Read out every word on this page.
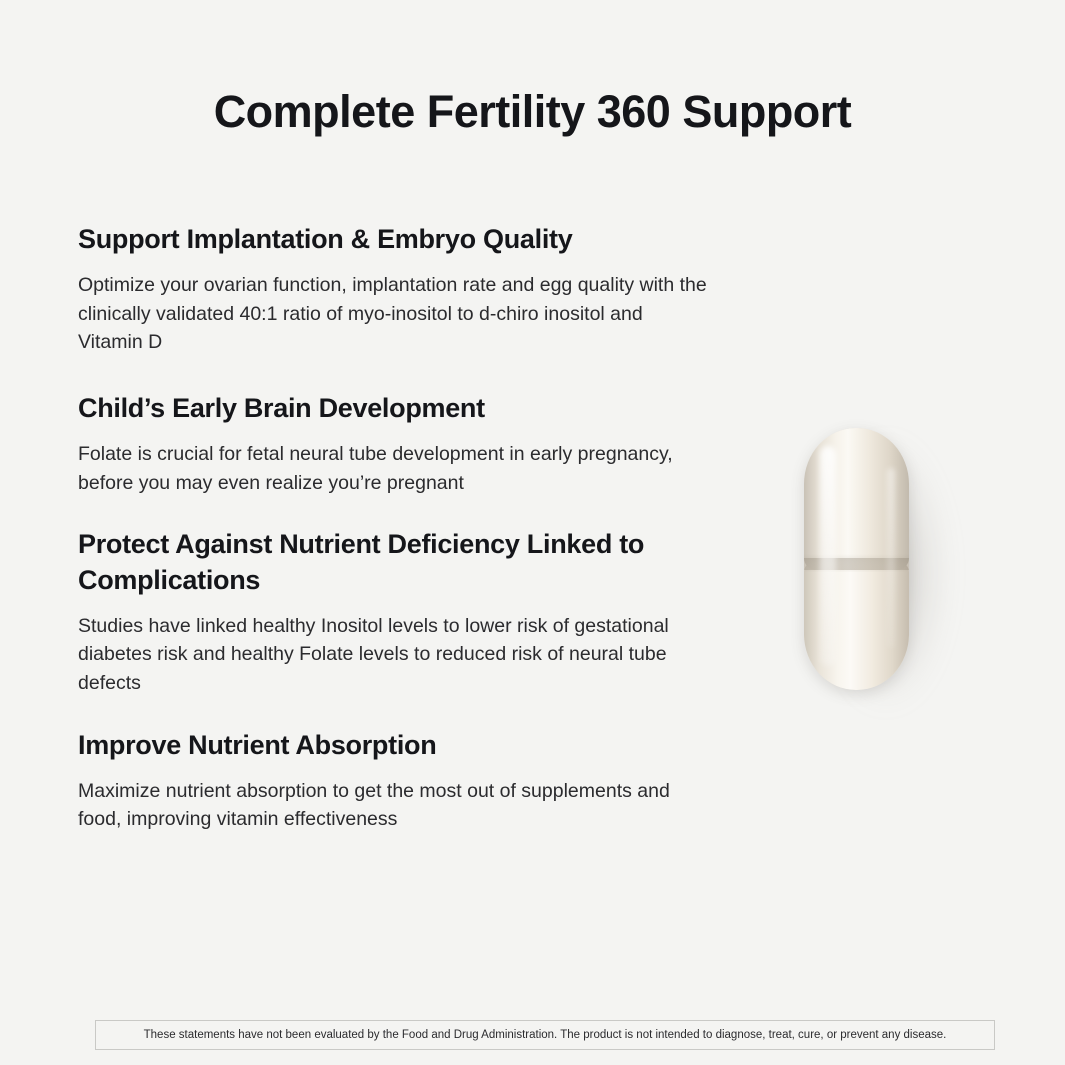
Complete Fertility 360 Support
Support Implantation & Embryo Quality
Optimize your ovarian function, implantation rate and egg quality with the clinically validated 40:1 ratio of myo-inositol to d-chiro inositol and Vitamin D
Child’s Early Brain Development
Folate is crucial for fetal neural tube development in early pregnancy, before you may even realize you’re pregnant
Protect Against Nutrient Deficiency Linked to Complications
Studies have linked healthy Inositol levels to lower risk of gestational diabetes risk and healthy Folate levels to reduced risk of neural tube defects
Improve Nutrient Absorption
Maximize nutrient absorption to get the most out of supplements and food, improving vitamin effectiveness
These statements have not been evaluated by the Food and Drug Administration. The product is not intended to diagnose, treat, cure, or prevent any disease.
